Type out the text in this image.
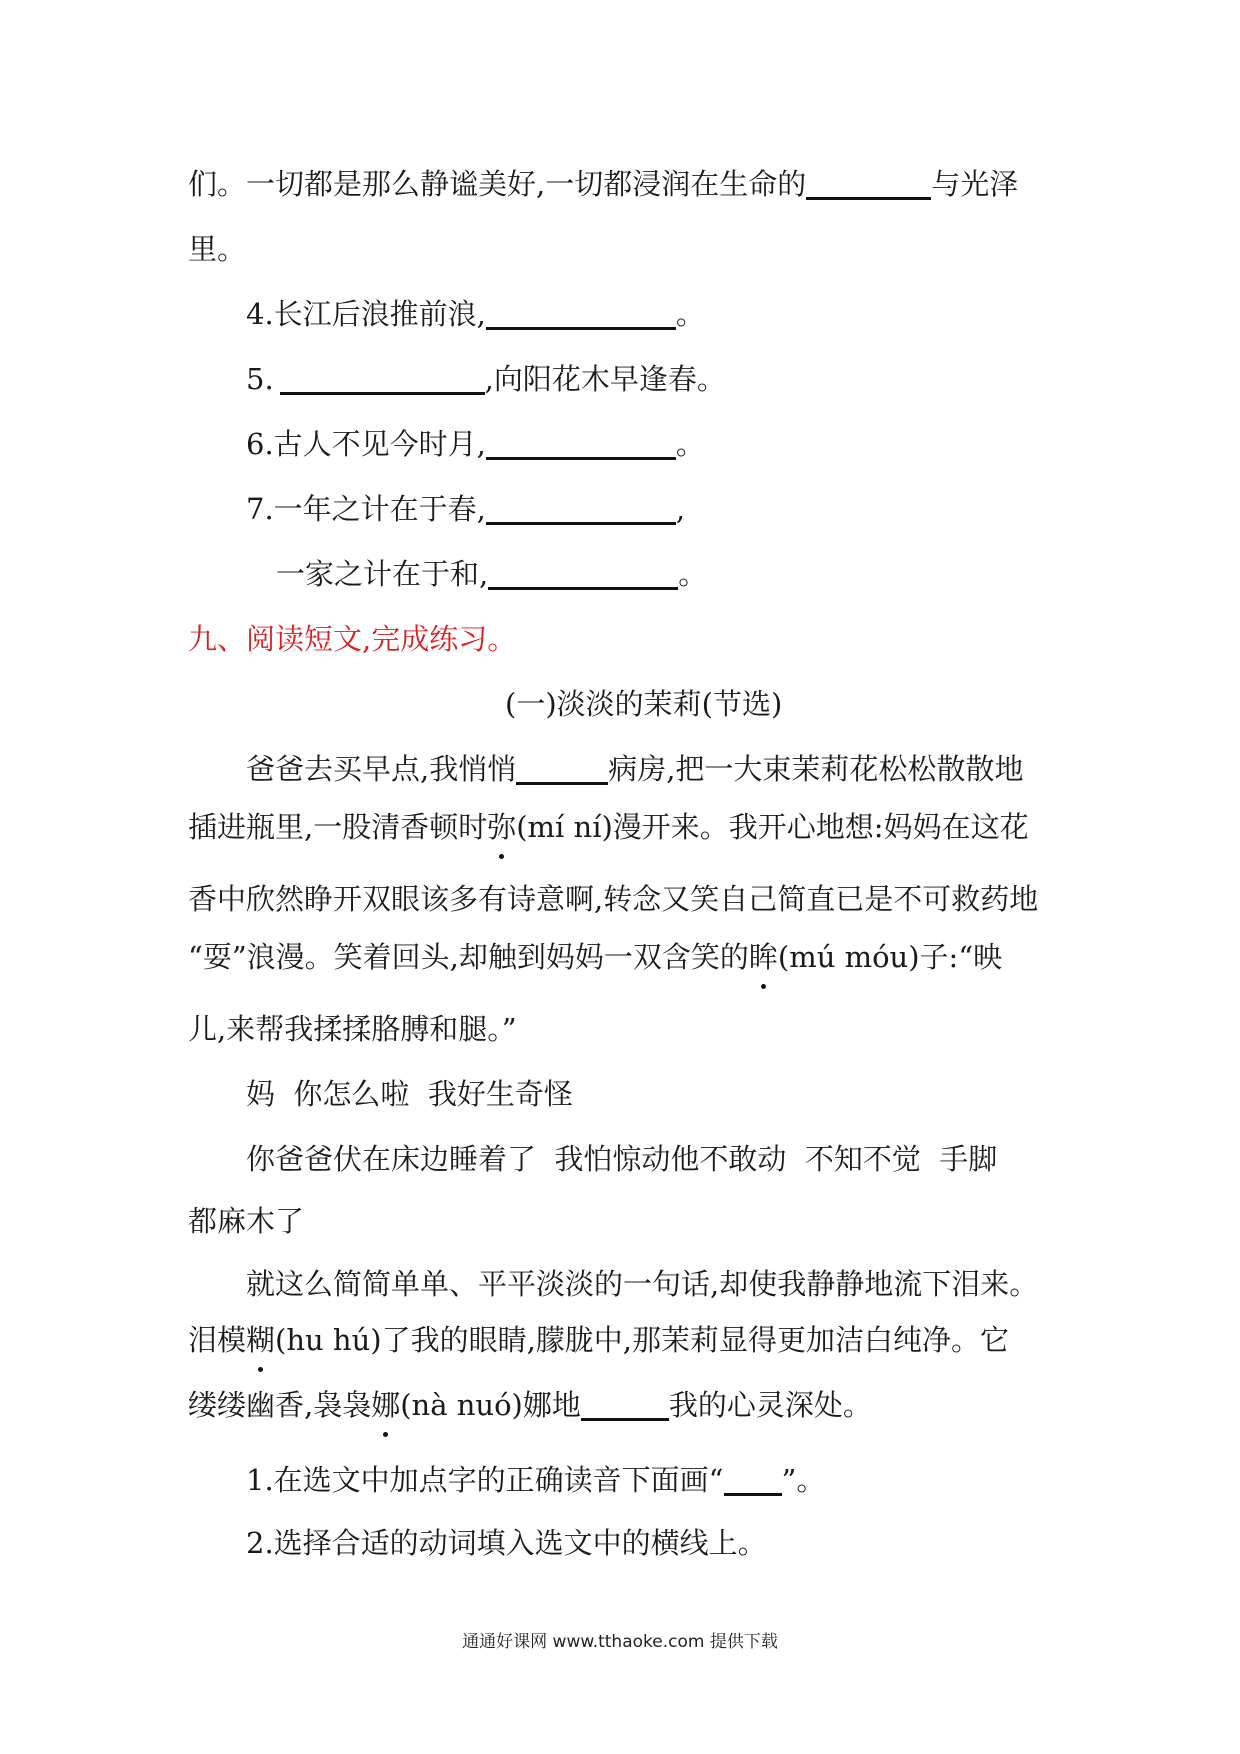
们。一切都是那么静谧美好,一切都浸润在生命的	与光泽
里。
4.长江后浪推前浪,	。
5.	,向阳花木早逢春。
6.古人不见今时月,	。
7.一年之计在于春,	,
一家之计在于和,	。
九、阅读短文,完成练习。
(一)淡淡的茉莉(节选)
爸爸去买早点,我悄悄	病房,把一大束茉莉花松松散散地
插进瓶里,一股清香顿时弥(mí ní)漫开来。我开心地想:妈妈在这花
香中欣然睁开双眼该多有诗意啊,转念又笑自己简直已是不可救药地
“耍”浪漫。笑着回头,却触到妈妈一双含笑的眸(mú móu)子:“映
儿,来帮我揉揉胳膊和腿。”
妈  你怎么啦  我好生奇怪
你爸爸伏在床边睡着了  我怕惊动他不敢动  不知不觉  手脚
都麻木了
就这么简简单单、平平淡淡的一句话,却使我静静地流下泪来。
泪模糊(hu hú)了我的眼睛,朦胧中,那茉莉显得更加洁白纯净。它
缕缕幽香,袅袅娜(nà nuó)娜地	我的心灵深处。
1.在选文中加点字的正确读音下面画“ ”。
2.选择合适的动词填入选文中的横线上。
通通好课网 www.tthaoke.com 提供下载
